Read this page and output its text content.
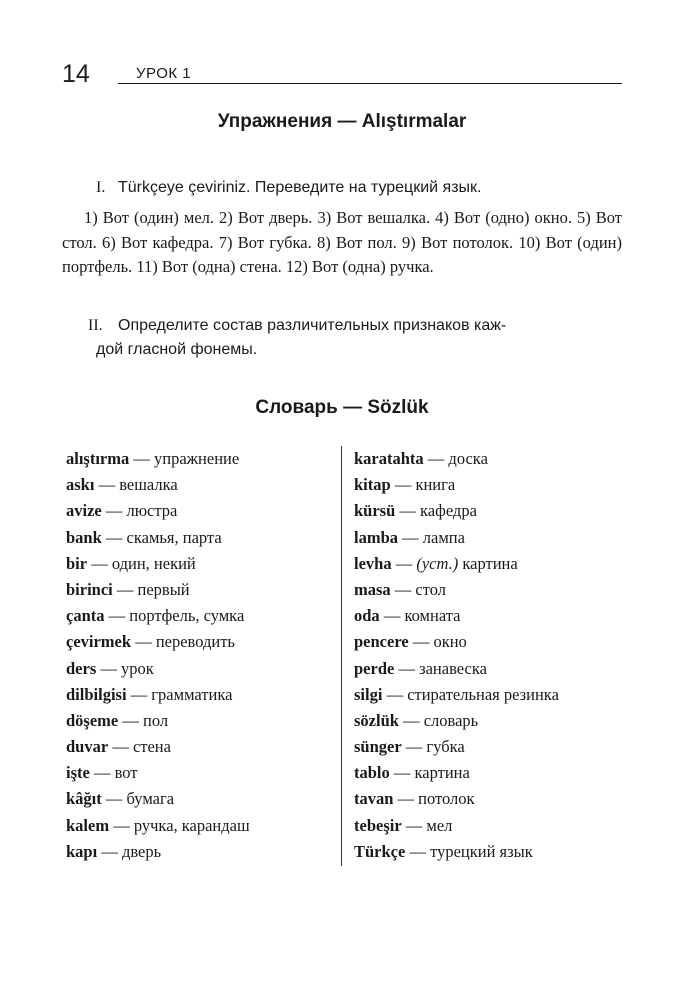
14	УРОК 1
Упражнения — Alıştırmalar
I. Türkçeye çeviriniz. Переведите на турецкий язык.
1) Вот (один) мел. 2) Вот дверь. 3) Вот вешалка. 4) Вот (одно) окно. 5) Вот стол. 6) Вот кафедра. 7) Вот губка. 8) Вот пол. 9) Вот потолок. 10) Вот (один) портфель. 11) Вот (одна) стена. 12) Вот (одна) ручка.
II. Определите состав различительных признаков каж-
дой гласной фонемы.
Словарь — Sözlük
alıştırma — упражнение
askı — вешалка
avize — люстра
bank — скамья, парта
bir — один, некий
birinci — первый
çanta — портфель, сумка
çevirmek — переводить
ders — урок
dilbilgisi — грамматика
döşeme — пол
duvar — стена
işte — вот
kâğıt — бумага
kalem — ручка, карандаш
kapı — дверь
karatahta — доска
kitap — книга
kürsü — кафедра
lamba — лампа
levha — (уст.) картина
masa — стол
oda — комната
pencere — окно
perde — занавеска
silgi — стирательная резинка
sözlük — словарь
sünger — губка
tablo — картина
tavan — потолок
tebeşir — мел
Türkçe — турецкий язык
